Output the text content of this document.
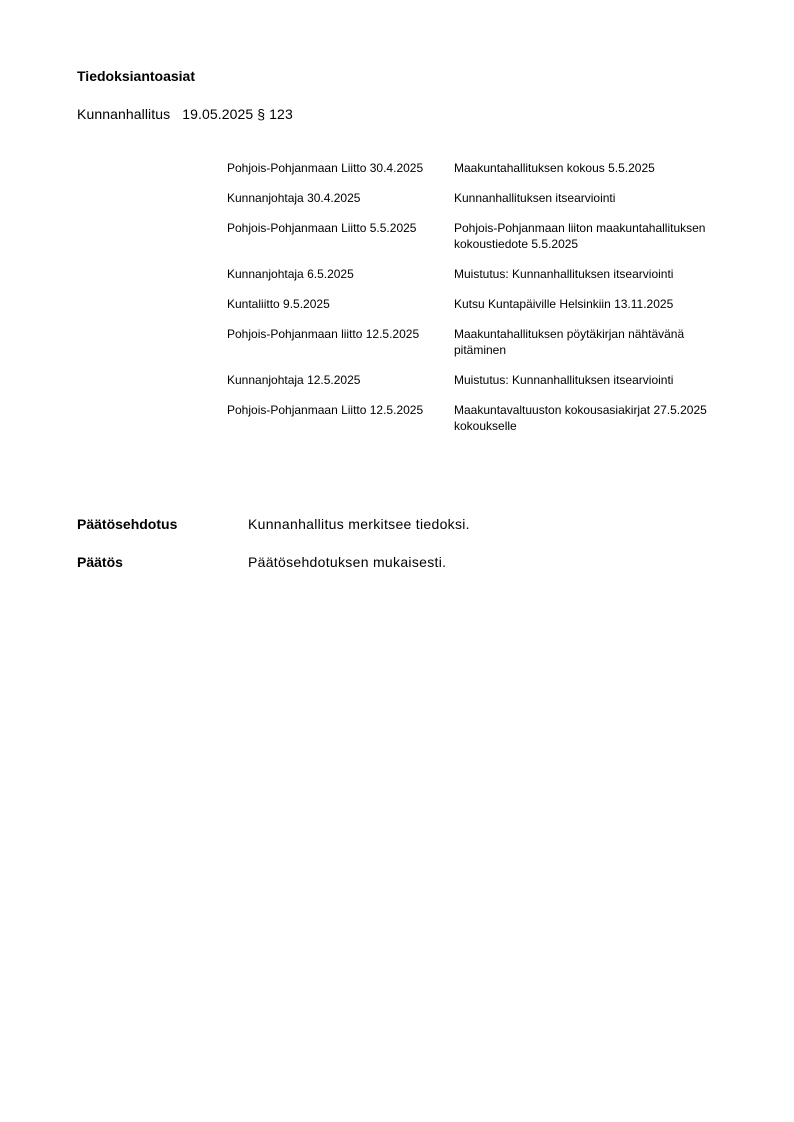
Tiedoksiantoasiat
Kunnanhallitus 19.05.2025 § 123
Pohjois-Pohjanmaan Liitto 30.4.2025	Maakuntahallituksen kokous 5.5.2025
Kunnanjohtaja 30.4.2025	Kunnanhallituksen itsearviointi
Pohjois-Pohjanmaan Liitto 5.5.2025	Pohjois-Pohjanmaan liiton maakuntahallituksen kokoustiedote 5.5.2025
Kunnanjohtaja 6.5.2025	Muistutus: Kunnanhallituksen itsearviointi
Kuntaliitto 9.5.2025	Kutsu Kuntapäiville Helsinkiin 13.11.2025
Pohjois-Pohjanmaan liitto 12.5.2025	Maakuntahallituksen pöytäkirjan nähtävänä pitäminen
Kunnanjohtaja 12.5.2025	Muistutus: Kunnanhallituksen itsearviointi
Pohjois-Pohjanmaan Liitto 12.5.2025	Maakuntavaltuuston kokousasiakirjat 27.5.2025 kokoukselle
Päätösehdotus	Kunnanhallitus merkitsee tiedoksi.
Päätös	Päätösehdotuksen mukaisesti.
